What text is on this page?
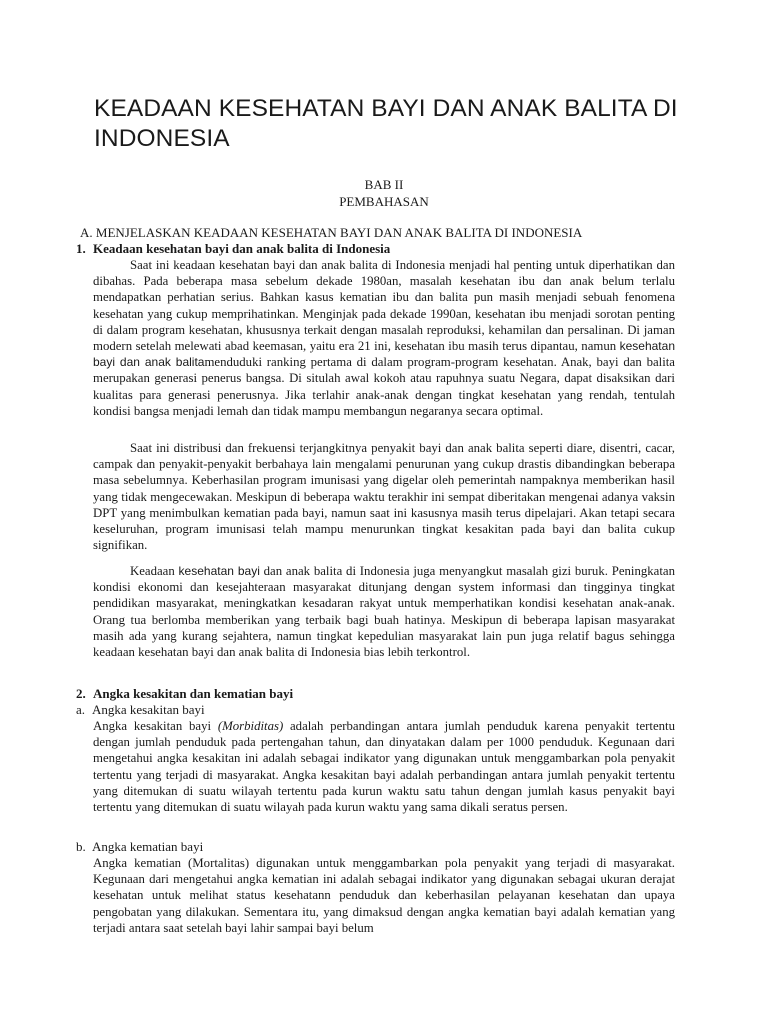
KEADAAN KESEHATAN BAYI DAN ANAK BALITA DI INDONESIA
BAB II
PEMBAHASAN
A. MENJELASKAN KEADAAN KESEHATAN BAYI DAN ANAK BALITA DI INDONESIA
1. Keadaan kesehatan bayi dan anak balita di Indonesia

Saat ini keadaan kesehatan bayi dan anak balita di Indonesia menjadi hal penting untuk diperhatikan dan dibahas. Pada beberapa masa sebelum dekade 1980an, masalah kesehatan ibu dan anak belum terlalu mendapatkan perhatian serius. Bahkan kasus kematian ibu dan balita pun masih menjadi sebuah fenomena kesehatan yang cukup memprihatinkan. Menginjak pada dekade 1990an, kesehatan ibu menjadi sorotan penting di dalam program kesehatan, khususnya terkait dengan masalah reproduksi, kehamilan dan persalinan. Di jaman modern setelah melewati abad keemasan, yaitu era 21 ini, kesehatan ibu masih terus dipantau, namun kesehatan bayi dan anak balitamenduduki ranking pertama di dalam program-program kesehatan. Anak, bayi dan balita merupakan generasi penerus bangsa. Di situlah awal kokoh atau rapuhnya suatu Negara, dapat disaksikan dari kualitas para generasi penerusnya. Jika terlahir anak-anak dengan tingkat kesehatan yang rendah, tentulah kondisi bangsa menjadi lemah dan tidak mampu membangun negaranya secara optimal.

Saat ini distribusi dan frekuensi terjangkitnya penyakit bayi dan anak balita seperti diare, disentri, cacar, campak dan penyakit-penyakit berbahaya lain mengalami penurunan yang cukup drastis dibandingkan beberapa masa sebelumnya. Keberhasilan program imunisasi yang digelar oleh pemerintah nampaknya memberikan hasil yang tidak mengecewakan. Meskipun di beberapa waktu terakhir ini sempat diberitakan mengenai adanya vaksin DPT yang menimbulkan kematian pada bayi, namun saat ini kasusnya masih terus dipelajari. Akan tetapi secara keseluruhan, program imunisasi telah mampu menurunkan tingkat kesakitan pada bayi dan balita cukup signifikan.

Keadaan kesehatan bayi dan anak balita di Indonesia juga menyangkut masalah gizi buruk. Peningkatan kondisi ekonomi dan kesejahteraan masyarakat ditunjang dengan system informasi dan tingginya tingkat pendidikan masyarakat, meningkatkan kesadaran rakyat untuk memperhatikan kondisi kesehatan anak-anak. Orang tua berlomba memberikan yang terbaik bagi buah hatinya. Meskipun di beberapa lapisan masyarakat masih ada yang kurang sejahtera, namun tingkat kepedulian masyarakat lain pun juga relatif bagus sehingga keadaan kesehatan bayi dan anak balita di Indonesia bias lebih terkontrol.

2. Angka kesakitan dan kematian bayi
a. Angka kesakitan bayi

Angka kesakitan bayi (Morbiditas) adalah perbandingan antara jumlah penduduk karena penyakit tertentu dengan jumlah penduduk pada pertengahan tahun, dan dinyatakan dalam per 1000 penduduk. Kegunaan dari mengetahui angka kesakitan ini adalah sebagai indikator yang digunakan untuk menggambarkan pola penyakit tertentu yang terjadi di masyarakat. Angka kesakitan bayi adalah perbandingan antara jumlah penyakit tertentu yang ditemukan di suatu wilayah tertentu pada kurun waktu satu tahun dengan jumlah kasus penyakit bayi tertentu yang ditemukan di suatu wilayah pada kurun waktu yang sama dikali seratus persen.

b. Angka kematian bayi

Angka kematian (Mortalitas) digunakan untuk menggambarkan pola penyakit yang terjadi di masyarakat. Kegunaan dari mengetahui angka kematian ini adalah sebagai indikator yang digunakan sebagai ukuran derajat kesehatan untuk melihat status kesehatann penduduk dan keberhasilan pelayanan kesehatan dan upaya pengobatan yang dilakukan. Sementara itu, yang dimaksud dengan angka kematian bayi adalah kematian yang terjadi antara saat setelah bayi lahir sampai bayi belum
